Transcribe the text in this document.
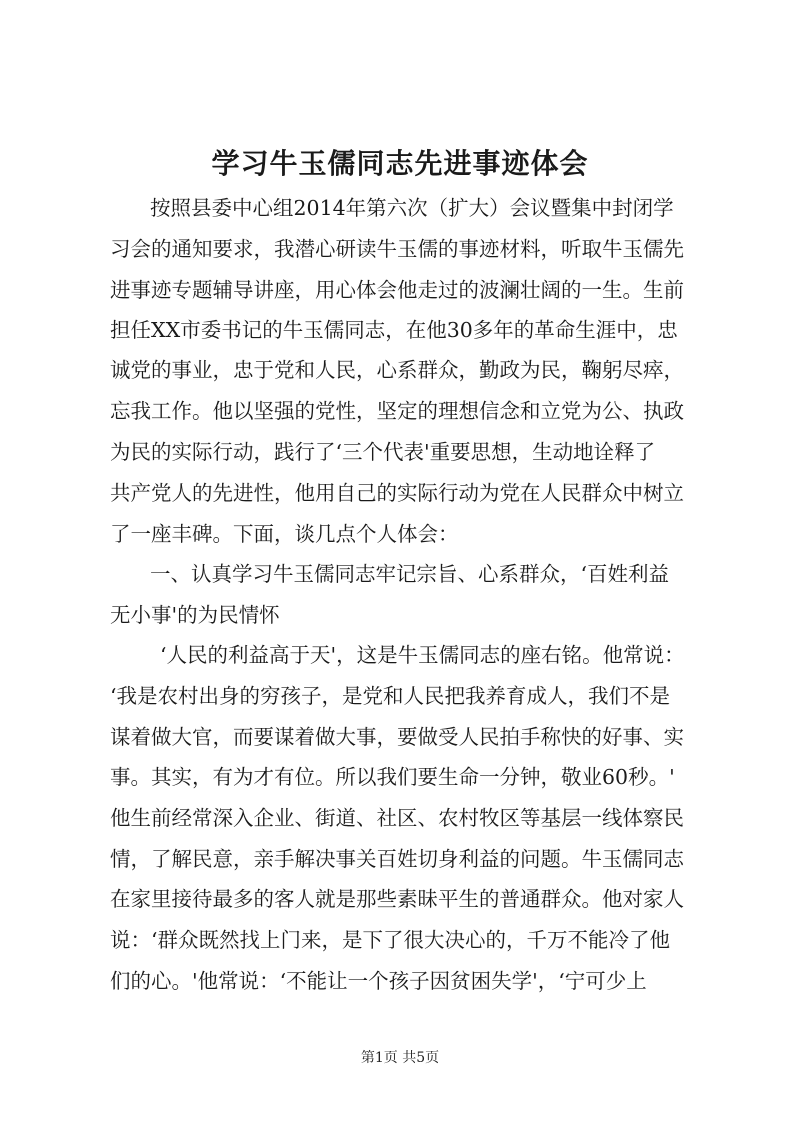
学习牛玉儒同志先进事迹体会
按照县委中心组2014年第六次（扩大）会议暨集中封闭学
习会的通知要求，我潜心研读牛玉儒的事迹材料，听取牛玉儒先
进事迹专题辅导讲座，用心体会他走过的波澜壮阔的一生。生前
担任XX市委书记的牛玉儒同志，在他30多年的革命生涯中，忠
诚党的事业，忠于党和人民，心系群众，勤政为民，鞠躬尽瘁，
忘我工作。他以坚强的党性，坚定的理想信念和立党为公、执政
为民的实际行动，践行了‘三个代表'重要思想，生动地诠释了
共产党人的先进性，他用自己的实际行动为党在人民群众中树立
了一座丰碑。下面，谈几点个人体会：
一、认真学习牛玉儒同志牢记宗旨、心系群众，‘百姓利益
无小事'的为民情怀
‘人民的利益高于天'，这是牛玉儒同志的座右铭。他常说：
‘我是农村出身的穷孩子，是党和人民把我养育成人，我们不是
谋着做大官，而要谋着做大事，要做受人民拍手称快的好事、实
事。其实，有为才有位。所以我们要生命一分钟，敬业60秒。'
他生前经常深入企业、街道、社区、农村牧区等基层一线体察民
情，了解民意，亲手解决事关百姓切身利益的问题。牛玉儒同志
在家里接待最多的客人就是那些素昧平生的普通群众。他对家人
说：‘群众既然找上门来，是下了很大决心的，千万不能冷了他
们的心。'他常说：‘不能让一个孩子因贫困失学'，‘宁可少上
第1页 共5页
